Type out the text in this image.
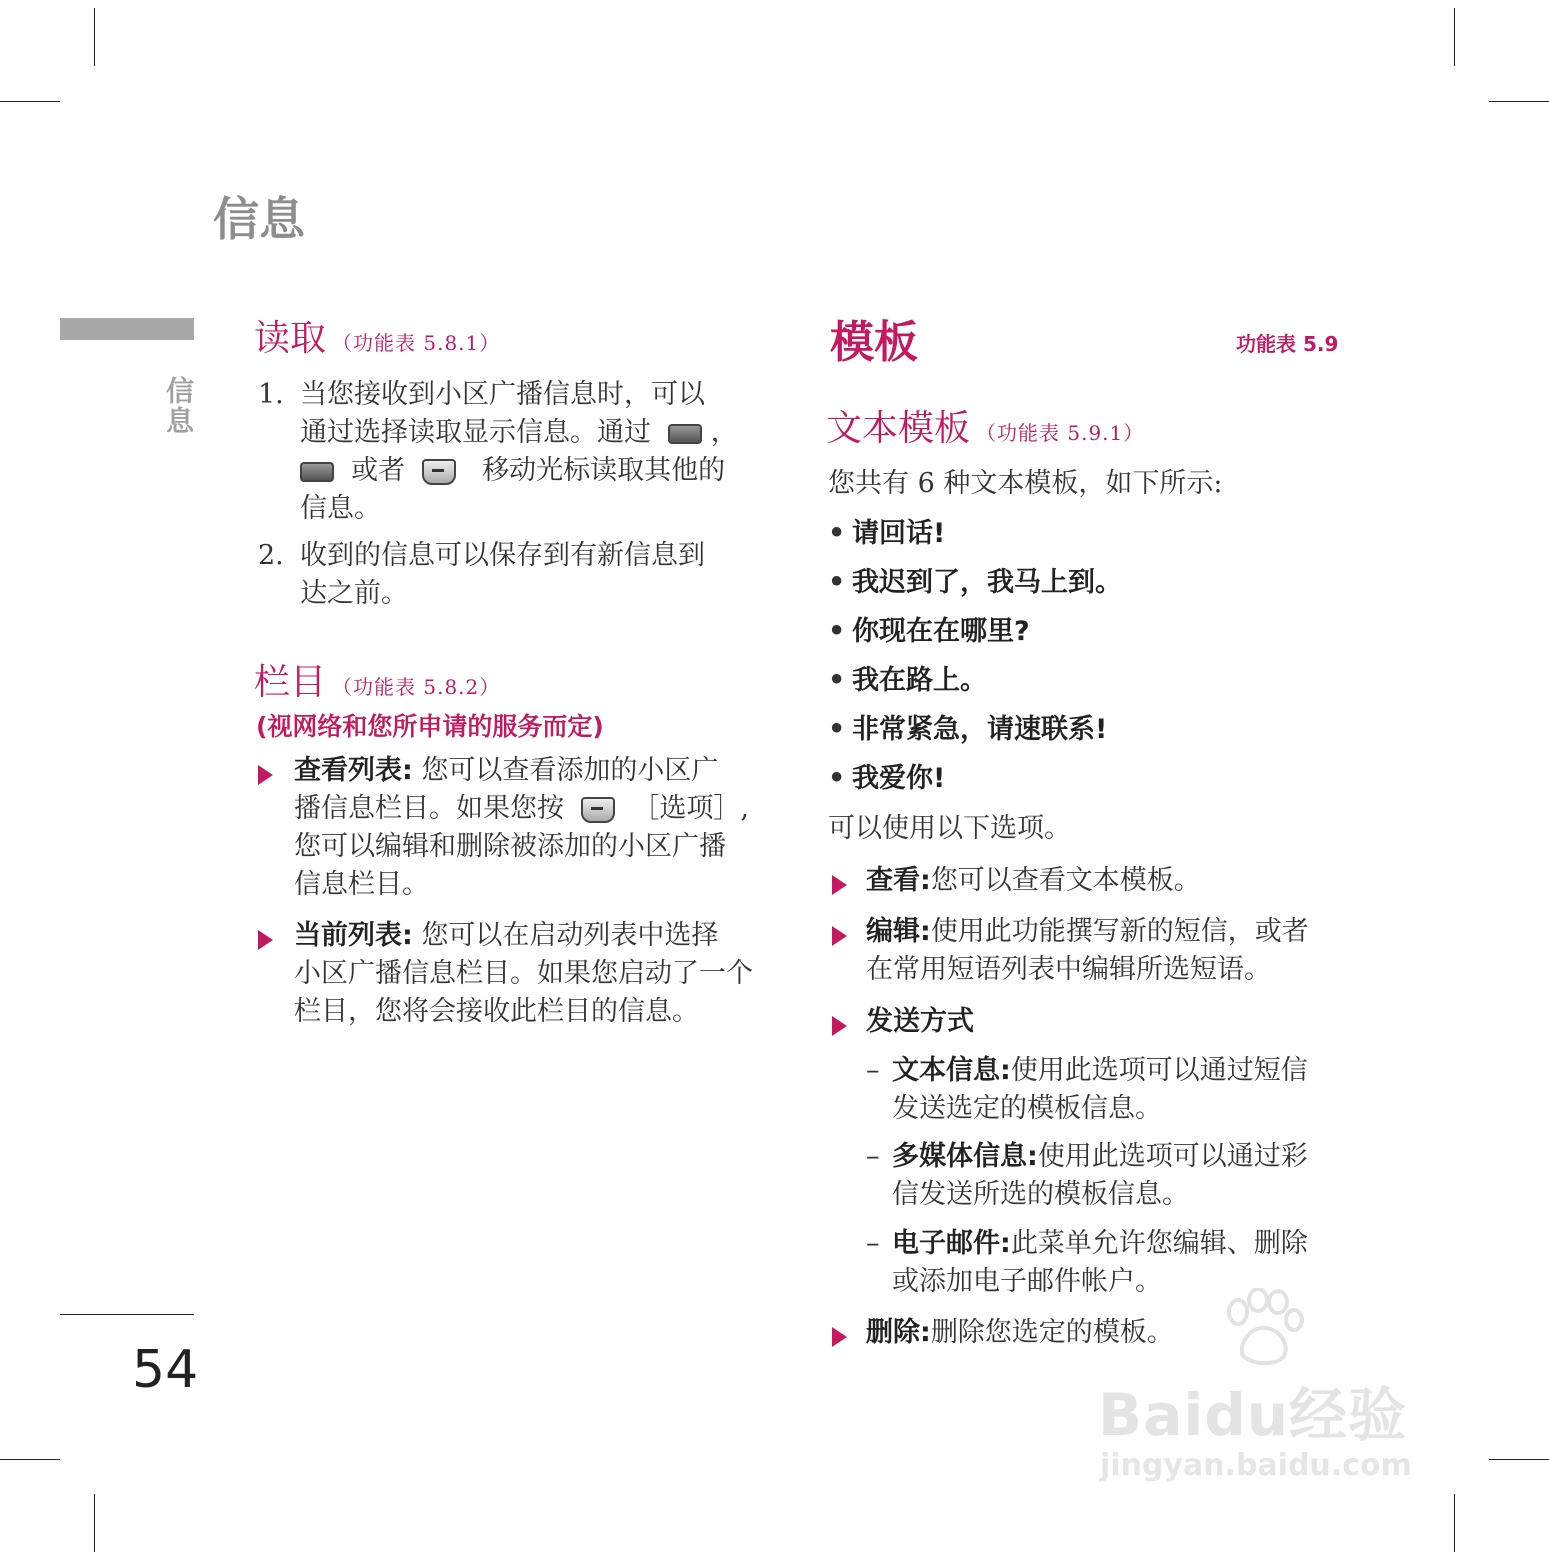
信息
信息
54
读取 （功能表 5.8.1）
1. 当您接收到小区广播信息时，可以
通过选择读取显示信息。通过 ，
或者	移动光标读取其他的
信息。
2. 收到的信息可以保存到有新信息到
达之前。
栏目 （功能表 5.8.2）
(视网络和您所申请的服务而定)
查看列表: 您可以查看添加的小区广
播信息栏目。如果您按	［选项］,
您可以编辑和删除被添加的小区广播
信息栏目。
当前列表: 您可以在启动列表中选择
小区广播信息栏目。如果您启动了一个
栏目，您将会接收此栏目的信息。
模板	功能表 5.9
文本模板 （功能表 5.9.1）
您共有 6 种文本模板，如下所示:
• 请回话!
• 我迟到了，我马上到。
• 你现在在哪里?
• 我在路上。
• 非常紧急，请速联系!
• 我爱你!
可以使用以下选项。
查看:您可以查看文本模板。
编辑:使用此功能撰写新的短信，或者
在常用短语列表中编辑所选短语。
发送方式
– 文本信息:使用此选项可以通过短信
发送选定的模板信息。
– 多媒体信息:使用此选项可以通过彩
信发送所选的模板信息。
– 电子邮件:此菜单允许您编辑、删除
或添加电子邮件帐户。
删除:删除您选定的模板。
Baidu经验
jingyan.baidu.com
